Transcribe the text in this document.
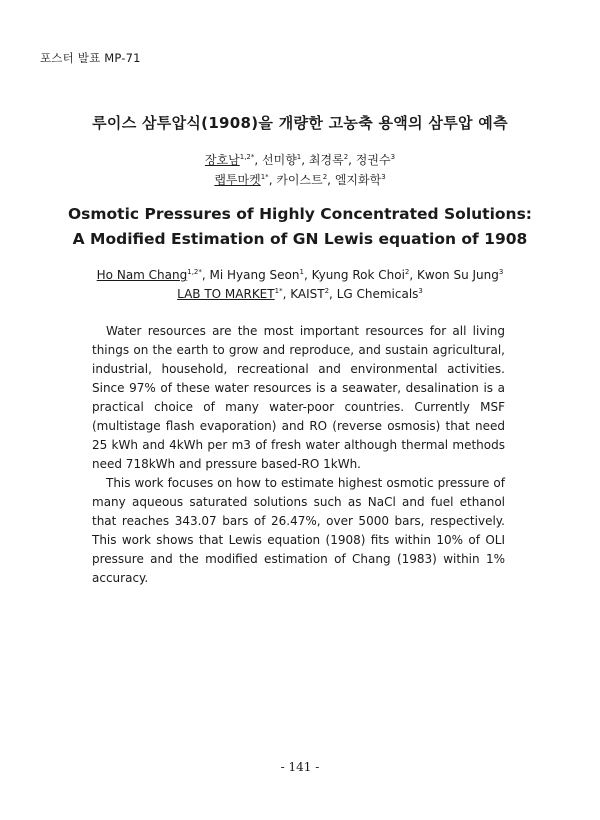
포스터 발표 MP-71
루이스 삼투압식(1908)을 개량한 고농축 용액의 삼투압 예측
장호남$^{1,2*}$, 선미향$^1$, 최경록$^2$, 정권수$^3$
랩투마켓$^{1*}$, 카이스트$^2$, 엘지화학$^3$
Osmotic Pressures of Highly Concentrated Solutions:
A Modified Estimation of GN Lewis equation of 1908
Ho Nam Chang$^{1,2*}$, Mi Hyang Seon$^1$, Kyung Rok Choi$^2$, Kwon Su Jung$^3$
LAB TO $MARKET^{1*}$, KAIST$^2$, LG Chemicals$^3$

Water resources are the most important resources for all living things on the earth to grow and reproduce, and sustain agricultural, industrial, household, recreational and environmental activities. Since 97% of these water resources is a seawater, desalination is a practical choice of many water-poor countries. Currently MSF (multistage flash evaporation) and RO (reverse osmosis) that need 25 kWh and 4kWh per m3 of fresh water although thermal methods need 718kWh and pressure based-RO 1kWh.

This work focuses on how to estimate highest osmotic pressure of many aqueous saturated solutions such as NaCl and fuel ethanol that reaches 343.07 bars of 26.47%, over 5000 bars, respectively. This work shows that Lewis equation (1908) fits within 10% of OLI pressure and the modified estimation of Chang (1983) within 1% accuracy.

- 141 -
